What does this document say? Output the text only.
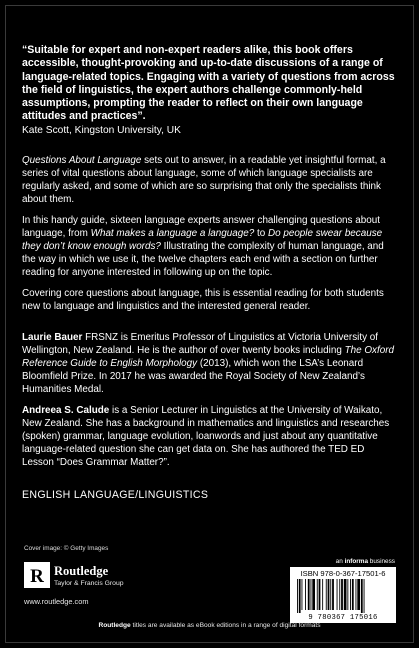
“Suitable for expert and non-expert readers alike, this book offers accessible, thought-provoking and up-to-date discussions of a range of language-related topics. Engaging with a variety of questions from across the field of linguistics, the expert authors challenge commonly-held assumptions, prompting the reader to reflect on their own language attitudes and practices”.

Kate Scott, Kingston University, UK

Questions About Language sets out to answer, in a readable yet insightful format, a series of vital questions about language, some of which language specialists are regularly asked, and some of which are so surprising that only the specialists think about them.

In this handy guide, sixteen language experts answer challenging questions about language, from What makes a language a language? to Do people swear because they don’t know enough words? Illustrating the complexity of human language, and the way in which we use it, the twelve chapters each end with a section on further reading for anyone interested in following up on the topic.

Covering core questions about language, this is essential reading for both students new to language and linguistics and the interested general reader.

Laurie Bauer FRSNZ is Emeritus Professor of Linguistics at Victoria University of Wellington, New Zealand. He is the author of over twenty books including The Oxford Reference Guide to English Morphology (2013), which won the LSA’s Leonard Bloomfield Prize. In 2017 he was awarded the Royal Society of New Zealand’s Humanities Medal.

Andreea S. Calude is a Senior Lecturer in Linguistics at the University of Waikato, New Zealand. She has a background in mathematics and linguistics and researches (spoken) grammar, language evolution, loanwords and just about any quantitative language-related question she can get data on. She has authored the TED ED Lesson “Does Grammar Matter?”.

ENGLISH LANGUAGE/LINGUISTICS

Cover image: © Getty Images
R Routledge
Taylor & Francis Group
www.routledge.com
an informa business
ISBN 978-0-367-17501-6
9 780367 175016
Routledge titles are available as eBook editions in a range of digital formats
